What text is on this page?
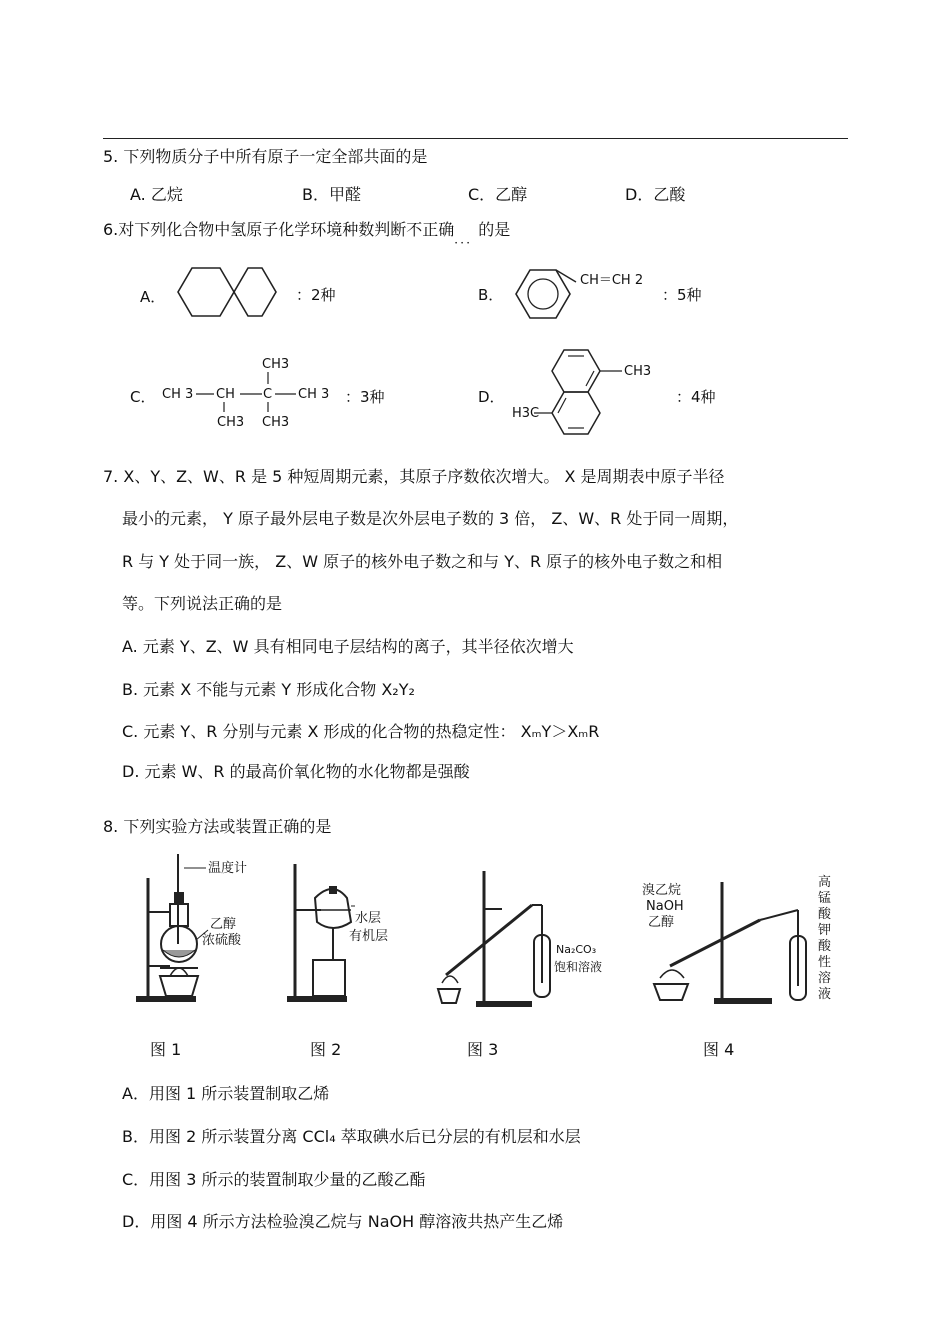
5. 下列物质分子中所有原子一定全部共面的是
A. 乙烷	B．甲醛	C．乙醇	D．乙酸
6.对下列化合物中氢原子化学环境种数判断不正确$_{...}$的是
A．	：2种	B．
CH＝CH 2
：5种
C． CH 3 CH C CH 3
CH3
CH3
CH3
：3种	D．
CH3
H3C
：4种
7. X、Y、Z、W、R 是 5 种短周期元素，其原子序数依次增大。 X 是周期表中原子半径
最小的元素， Y 原子最外层电子数是次外层电子数的 3 倍， Z、W、R 处于同一周期，
R 与 Y 处于同一族， Z、W 原子的核外电子数之和与 Y、R 原子的核外电子数之和相
等。下列说法正确的是
A. 元素 Y、Z、W 具有相同电子层结构的离子，其半径依次增大
B. 元素 X 不能与元素 Y 形成化合物 X₂Y₂
C. 元素 Y、R 分别与元素 X 形成的化合物的热稳定性： XₘY＞XₘR
D. 元素 W、R 的最高价氧化物的水化物都是强酸
8. 下列实验方法或装置正确的是
温度计
乙醇
浓硫酸
水层
有机层
Na₂CO₃
饱和溶液
溴乙烷
NaOH
乙醇
高
锰
酸
钾
酸
性
溶
液
图 1	图 2	图 3	图 4
A．用图 1 所示装置制取乙烯
B．用图 2 所示装置分离 CCl₄ 萃取碘水后已分层的有机层和水层
C．用图 3 所示的装置制取少量的乙酸乙酯
D．用图 4 所示方法检验溴乙烷与 NaOH 醇溶液共热产生乙烯
